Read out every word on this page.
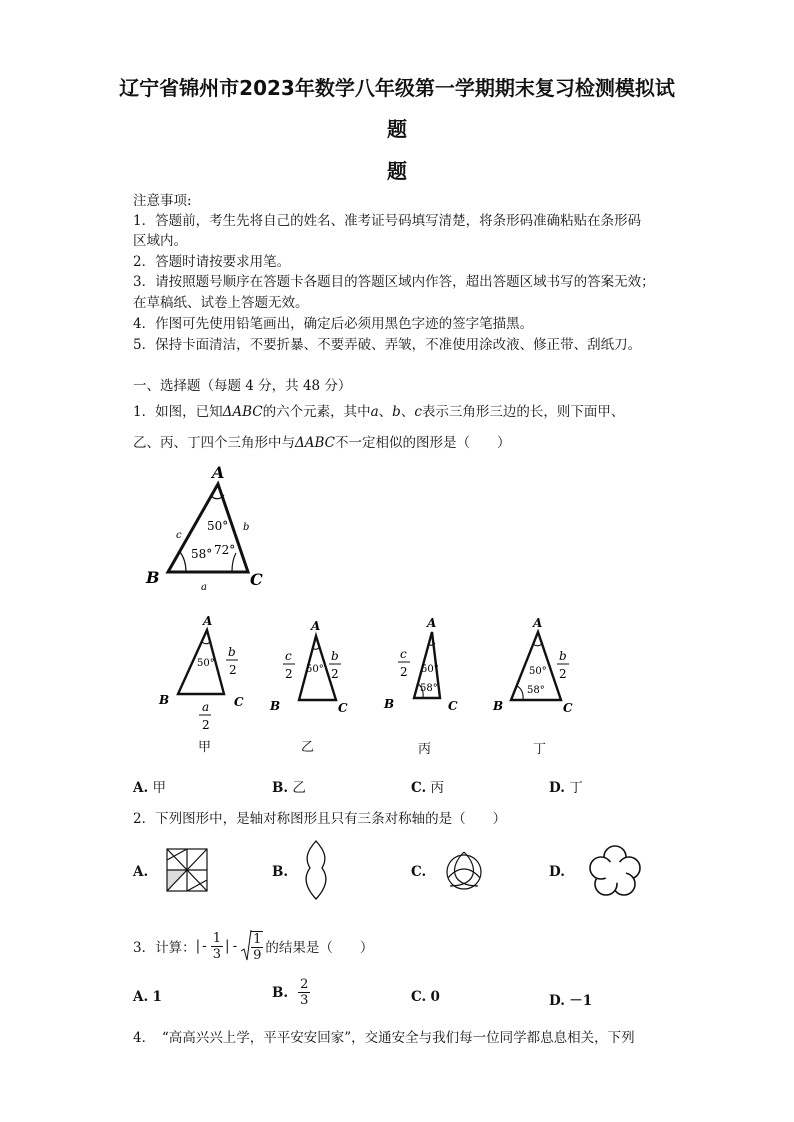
辽宁省锦州市2023年数学八年级第一学期期末复习检测模拟试
题
题
注意事项:
1．答题前，考生先将自己的姓名、准考证号码填写清楚，将条形码准确粘贴在条形码
区域内。
2．答题时请按要求用笔。
3．请按照题号顺序在答题卡各题目的答题区域内作答，超出答题区域书写的答案无效；
在草稿纸、试卷上答题无效。
4．作图可先使用铅笔画出，确定后必须用黑色字迹的签字笔描黑。
5．保持卡面清洁，不要折暴、不要弄破、弄皱，不准使用涂改液、修正带、刮纸刀。
一、选择题（每题 4 分，共 48 分）
1．如图，已知ΔABC的六个元素，其中a、b、c表示三角形三边的长，则下面甲、
乙、丙、丁四个三角形中与ΔABC不一定相似的图形是（　　）
A
B	C
c
b
a
50°
58° 72°
A
B	C
50°
b
2
a
2
甲
A
B	C
50°
c
2
b
2
乙
A
B	C
50°
58°
c
2
丙
A
B	C
50°
58°
b
2
丁
A. 甲	B. 乙	C. 丙	D. 丁
2．下列图形中，是轴对称图形且只有三条对称轴的是（　　）
A.	B.	C.	D.
3．计算： | - $\frac{1}{3}$ | - $\frac{1}{9}$ 的结果是（　　）
A. 1	B. $\frac{2}{3}$	C. 0	D. －1
4．　“高高兴兴上学，平平安安回家”，交通安全与我们每一位同学都息息相关，下列
